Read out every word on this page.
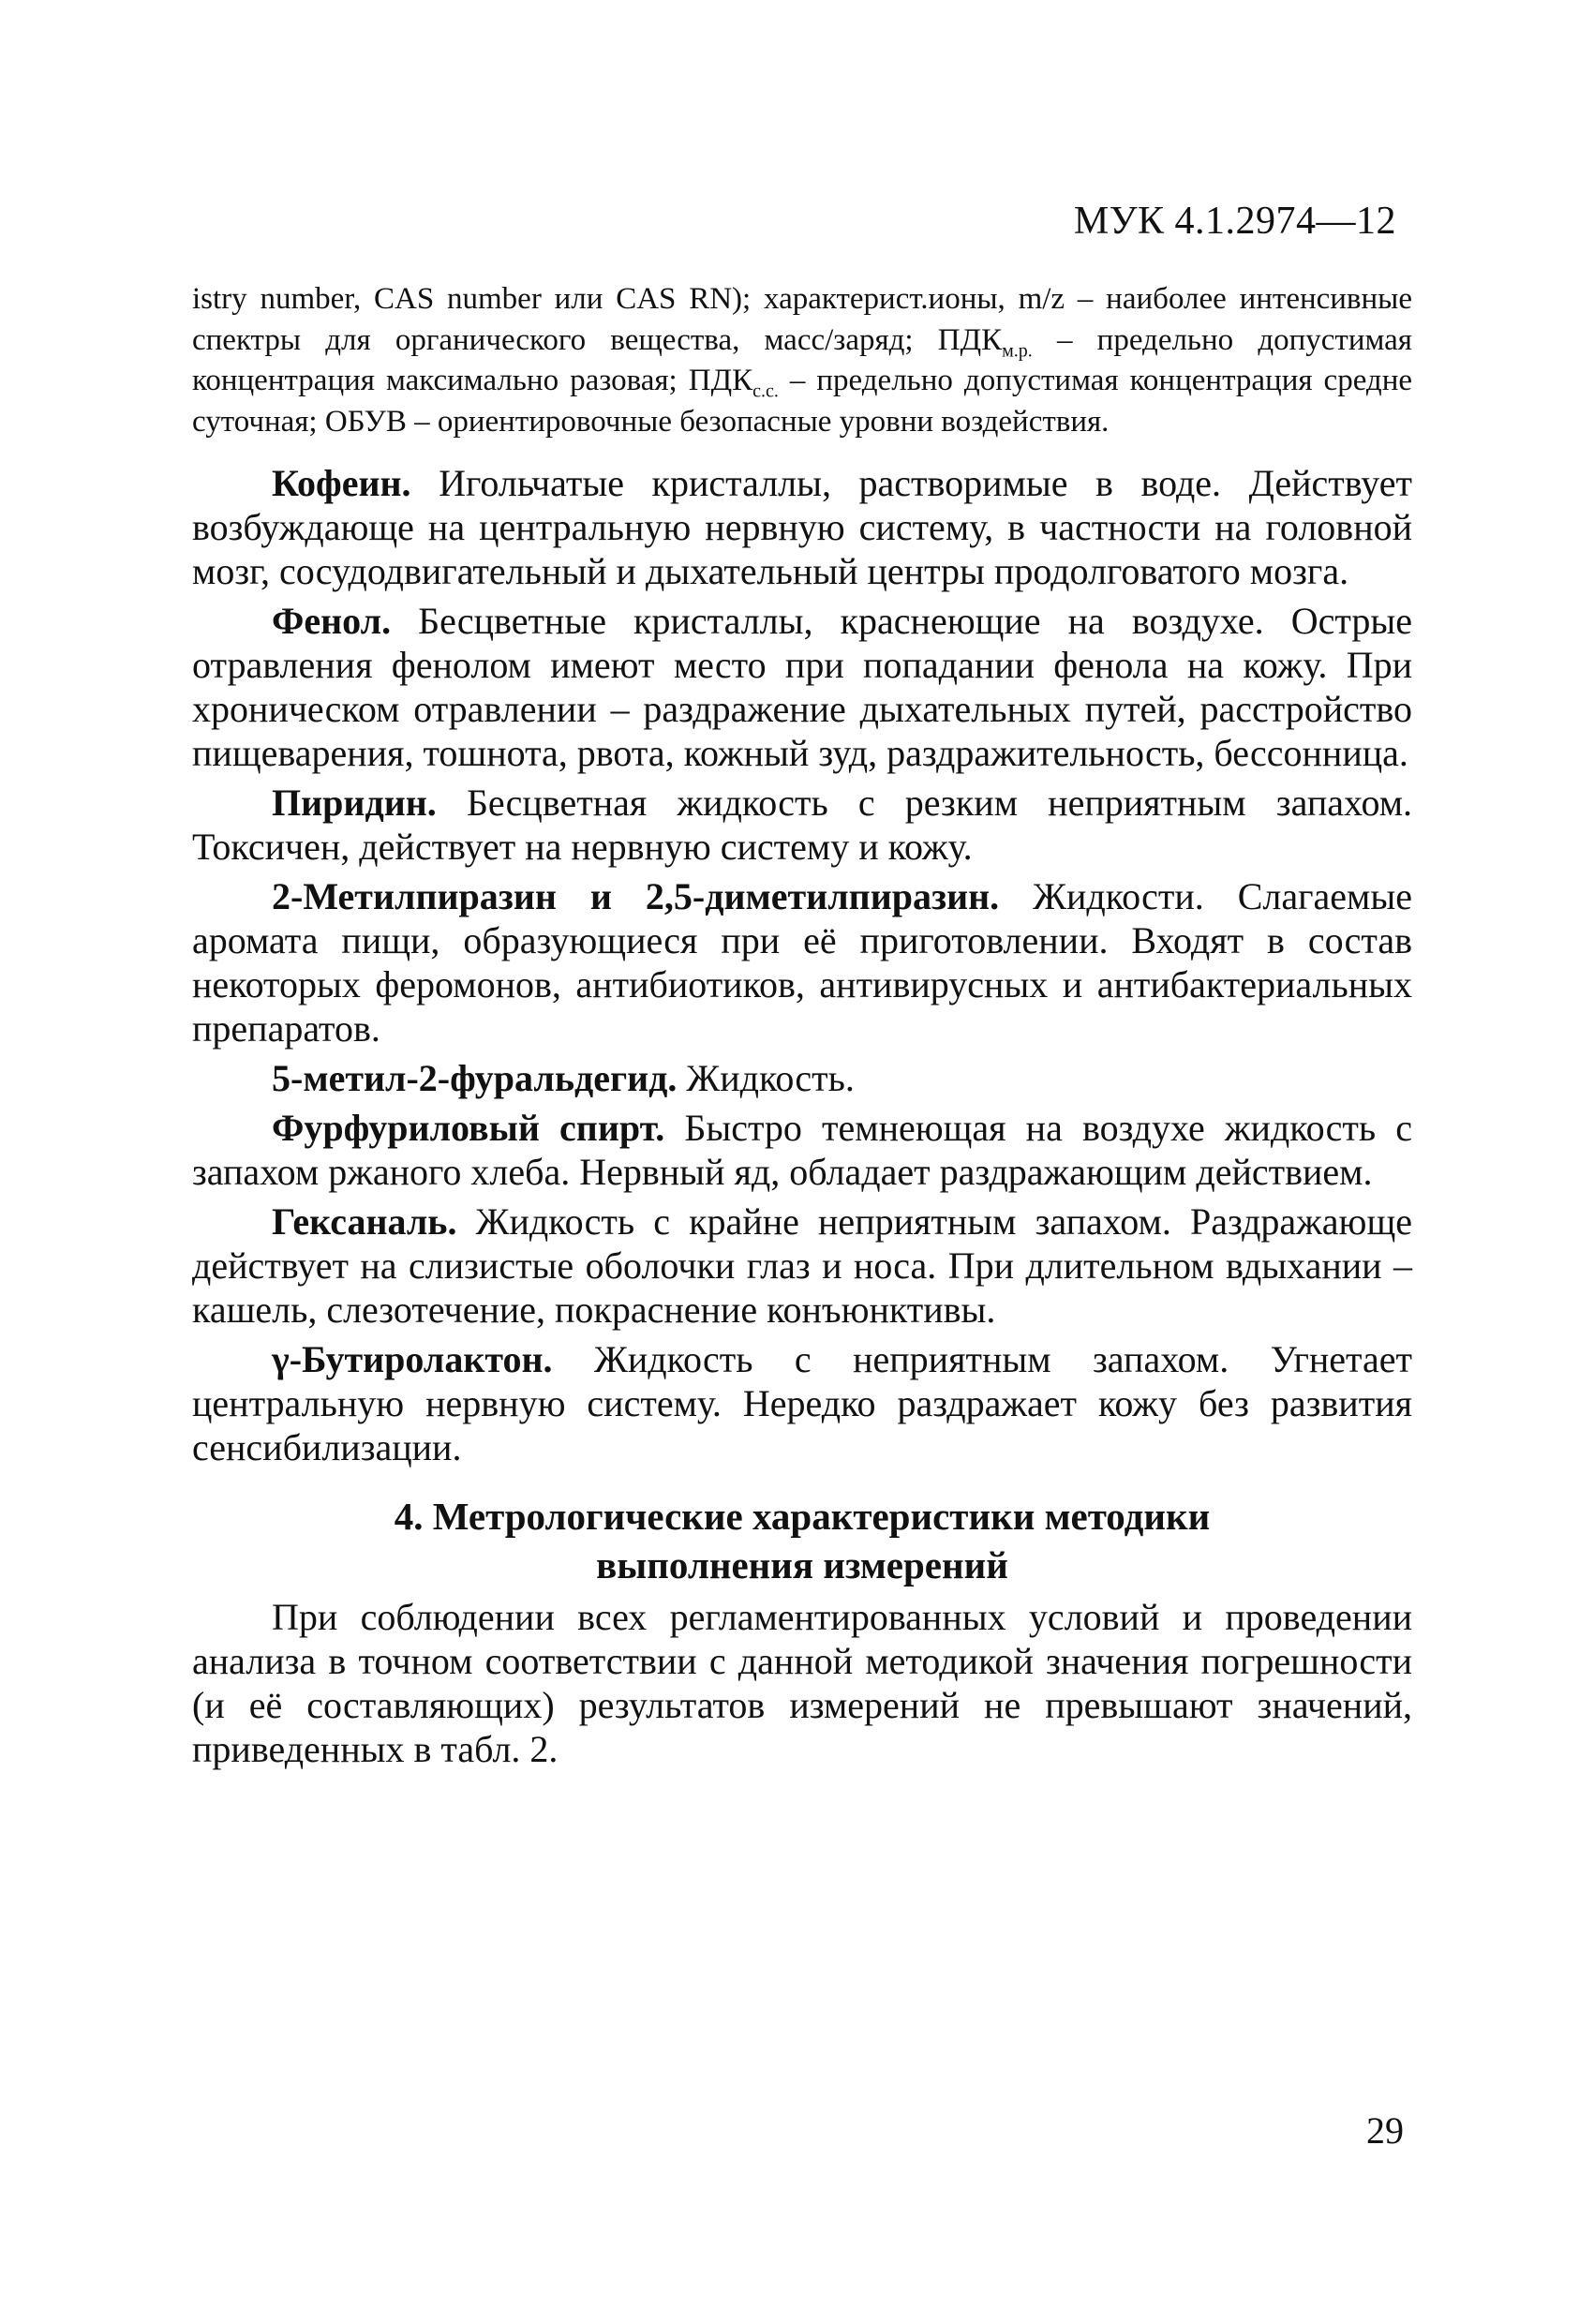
МУК 4.1.2974—12

istry number, CAS number или CAS RN); характерист.ионы, m/z – наиболее интенсивные спектры для органического вещества, масс/заряд; $ПДК_{м.р.}$ – предельно допустимая концентрация максимально разовая; $ПДК_{с.с.}$ – предельно допустимая концентрация средне суточная; ОБУВ – ориентировочные безопасные уровни воздействия.

Кофеин. Игольчатые кристаллы, растворимые в воде. Действует возбуждающе на центральную нервную систему, в частности на головной мозг, сосудодвигательный и дыхательный центры продолговатого мозга.

Фенол. Бесцветные кристаллы, краснеющие на воздухе. Острые отравления фенолом имеют место при попадании фенола на кожу. При хроническом отравлении – раздражение дыхательных путей, расстройство пищеварения, тошнота, рвота, кожный зуд, раздражительность, бессонница.

Пиридин. Бесцветная жидкость с резким неприятным запахом. Токсичен, действует на нервную систему и кожу.

2-Метилпиразин и 2,5-диметилпиразин. Жидкости. Слагаемые аромата пищи, образующиеся при её приготовлении. Входят в состав некоторых феромонов, антибиотиков, антивирусных и антибактериальных препаратов.

5-метил-2-фуральдегид. Жидкость.

Фурфуриловый спирт. Быстро темнеющая на воздухе жидкость с запахом ржаного хлеба. Нервный яд, обладает раздражающим действием.

Гексаналь. Жидкость с крайне неприятным запахом. Раздражающе действует на слизистые оболочки глаз и носа. При длительном вдыхании – кашель, слезотечение, покраснение конъюнктивы.

γ-Бутиролактон. Жидкость с неприятным запахом. Угнетает центральную нервную систему. Нередко раздражает кожу без развития сенсибилизации.

4. Метрологические характеристики методики
выполнения измерений

При соблюдении всех регламентированных условий и проведении анализа в точном соответствии с данной методикой значения погрешности (и её составляющих) результатов измерений не превышают значений, приведенных в табл. 2.

29
